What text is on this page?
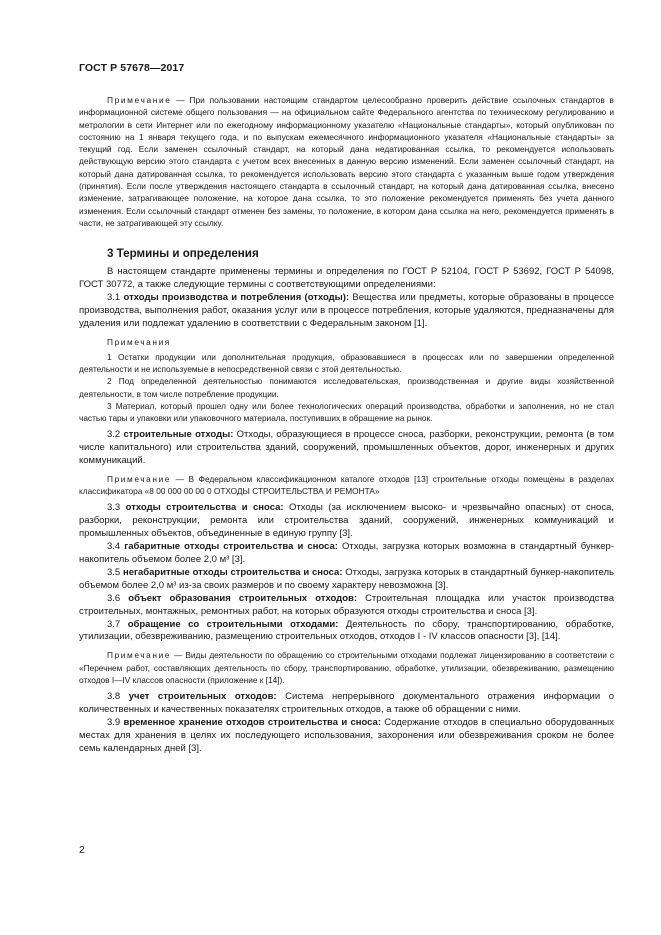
ГОСТ Р 57678—2017
Примечание — При пользовании настоящим стандартом целесообразно проверить действие ссылочных стандартов в информационной системе общего пользования — на официальном сайте Федерального агентства по техническому регулированию и метрологии в сети Интернет или по ежегодному информационному указателю «Национальные стандарты», который опубликован по состоянию на 1 января текущего года, и по выпускам ежемесячного информационного указателя «Национальные стандарты» за текущий год. Если заменен ссылочный стандарт, на который дана недатированная ссылка, то рекомендуется использовать действующую версию этого стандарта с учетом всех внесенных в данную версию изменений. Если заменен ссылочный стандарт, на который дана датированная ссылка, то рекомендуется использовать версию этого стандарта с указанным выше годом утверждения (принятия). Если после утверждения настоящего стандарта в ссылочный стандарт, на который дана датированная ссылка, внесено изменение, затрагивающее положение, на которое дана ссылка, то это положение рекомендуется применять без учета данного изменения. Если ссылочный стандарт отменен без замены, то положение, в котором дана ссылка на него, рекомендуется применять в части, не затрагивающей эту ссылку.
3 Термины и определения

В настоящем стандарте применены термины и определения по ГОСТ Р 52104, ГОСТ Р 53692, ГОСТ Р 54098, ГОСТ 30772, а также следующие термины с соответствующими определениями:

3.1 отходы производства и потребления (отходы): Вещества или предметы, которые образованы в процессе производства, выполнения работ, оказания услуг или в процессе потребления, которые удаляются, предназначены для удаления или подлежат удалению в соответствии с Федеральным законом [1].

Примечания

1 Остатки продукции или дополнительная продукция, образовавшиеся в процессах или по завершении определенной деятельности и не используемые в непосредственной связи с этой деятельностью.

2 Под определенной деятельностью понимаются исследовательская, производственная и другие виды хозяйственной деятельности, в том числе потребление продукции.

3 Материал, который прошел одну или более технологических операций производства, обработки и заполнения, но не стал частью тары и упаковки или упаковочного материала, поступивших в обращение на рынок.

3.2 строительные отходы: Отходы, образующиеся в процессе сноса, разборки, реконструкции, ремонта (в том числе капитального) или строительства зданий, сооружений, промышленных объектов, дорог, инженерных и других коммуникаций.

Примечание — В Федеральном классификационном каталоге отходов [13] строительные отходы помещены в разделах классификатора «8 00 000 00 00 0 ОТХОДЫ СТРОИТЕЛЬСТВА И РЕМОНТА»

3.3 отходы строительства и сноса: Отходы (за исключением высоко- и чрезвычайно опасных) от сноса, разборки, реконструкции, ремонта или строительства зданий, сооружений, инженерных коммуникаций и промышленных объектов, объединенные в единую группу [3].

3.4 габаритные отходы строительства и сноса: Отходы, загрузка которых возможна в стандартный бункер-накопитель объемом более 2,0 м³ [3].

3.5 негабаритные отходы строительства и сноса: Отходы, загрузка которых в стандартный бункер-накопитель объемом более 2,0 м³ из-за своих размеров и по своему характеру невозможна [3].

3.6 объект образования строительных отходов: Строительная площадка или участок производства строительных, монтажных, ремонтных работ, на которых образуются отходы строительства и сноса [3].

3.7 обращение со строительными отходами: Деятельность по сбору, транспортированию, обработке, утилизации, обезвреживанию, размещению строительных отходов, отходов I - IV классов опасности [3], [14].

Примечание — Виды деятельности по обращению со строительными отходами подлежат лицензированию в соответствии с «Перечнем работ, составляющих деятельность по сбору, транспортированию, обработке, утилизации, обезвреживанию, размещению отходов I—IV классов опасности (приложение к [14]).

3.8 учет строительных отходов: Система непрерывного документального отражения информации о количественных и качественных показателях строительных отходов, а также об обращении с ними.

3.9 временное хранение отходов строительства и сноса: Содержание отходов в специально оборудованных местах для хранения в целях их последующего использования, захоронения или обезвреживания сроком не более семь календарных дней [3].

2
